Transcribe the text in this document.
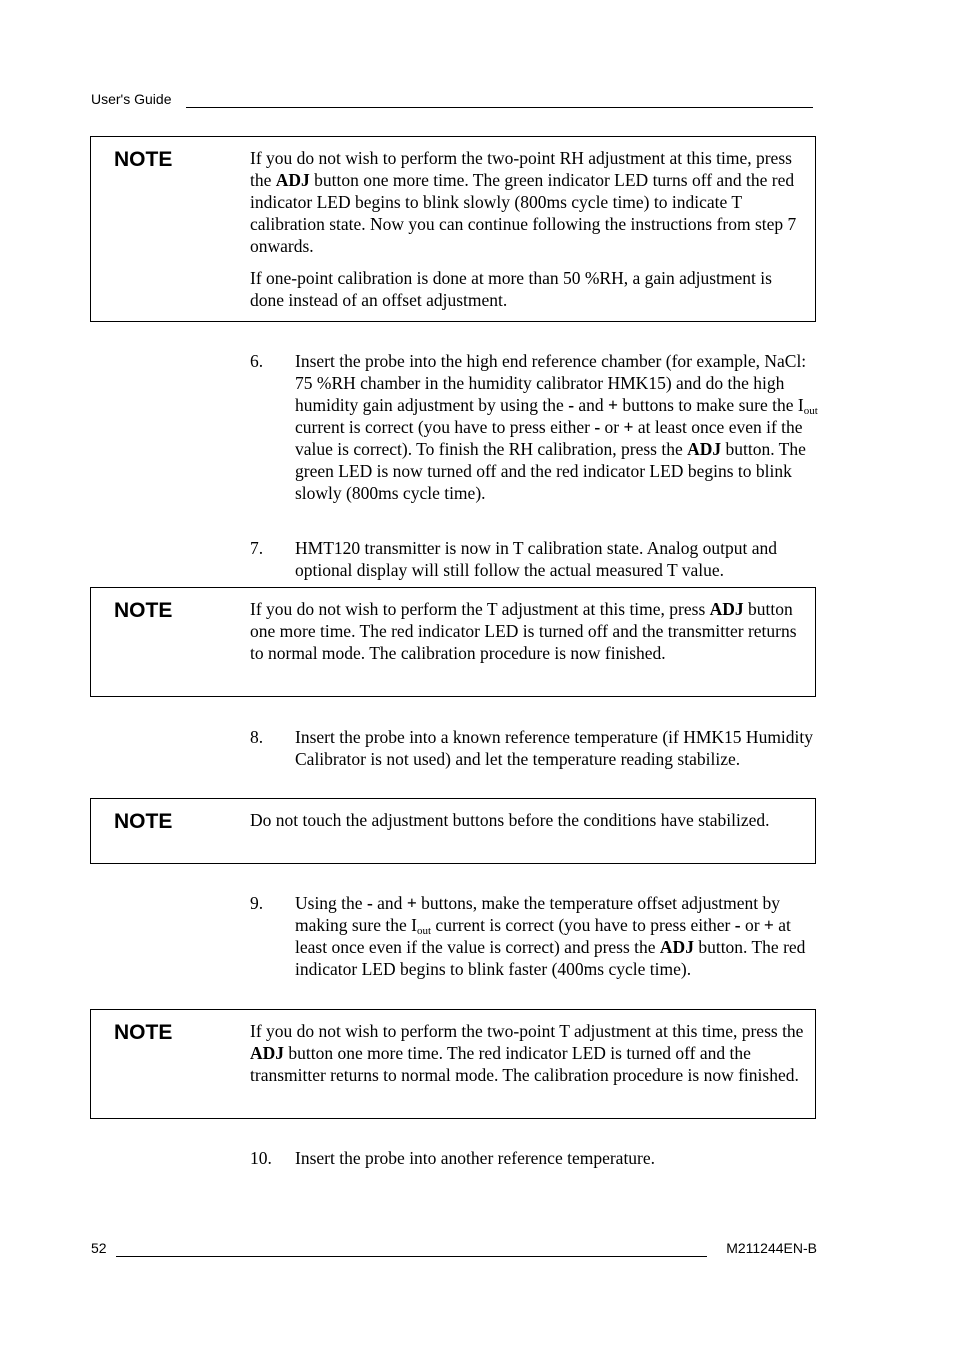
User's Guide
NOTE	If you do not wish to perform the two-point RH adjustment at this time, press the ADJ button one more time. The green indicator LED turns off and the red indicator LED begins to blink slowly (800ms cycle time) to indicate T calibration state. Now you can continue following the instructions from step 7 onwards.

If one-point calibration is done at more than 50 %RH, a gain adjustment is done instead of an offset adjustment.

6. Insert the probe into the high end reference chamber (for example, NaCl: 75 %RH chamber in the humidity calibrator HMK15) and do the high humidity gain adjustment by using the - and + buttons to make sure the $I_{out}$ current is correct (you have to press either - or + at least once even if the value is correct). To finish the RH calibration, press the ADJ button. The green LED is now turned off and the red indicator LED begins to blink slowly (800ms cycle time).
7. HMT120 transmitter is now in T calibration state. Analog output and optional display will still follow the actual measured T value.
NOTE	If you do not wish to perform the T adjustment at this time, press ADJ button one more time. The red indicator LED is turned off and the transmitter returns to normal mode. The calibration procedure is now finished.

8. Insert the probe into a known reference temperature (if HMK15 Humidity Calibrator is not used) and let the temperature reading stabilize.
NOTE	Do not touch the adjustment buttons before the conditions have stabilized.

9. Using the - and + buttons, make the temperature offset adjustment by making sure the $I_{out}$ current is correct (you have to press either - or + at least once even if the value is correct) and press the ADJ button. The red indicator LED begins to blink faster (400ms cycle time).
NOTE	If you do not wish to perform the two-point T adjustment at this time, press the ADJ button one more time. The red indicator LED is turned off and the transmitter returns to normal mode. The calibration procedure is now finished.

10. Insert the probe into another reference temperature.
52	M211244EN-B
